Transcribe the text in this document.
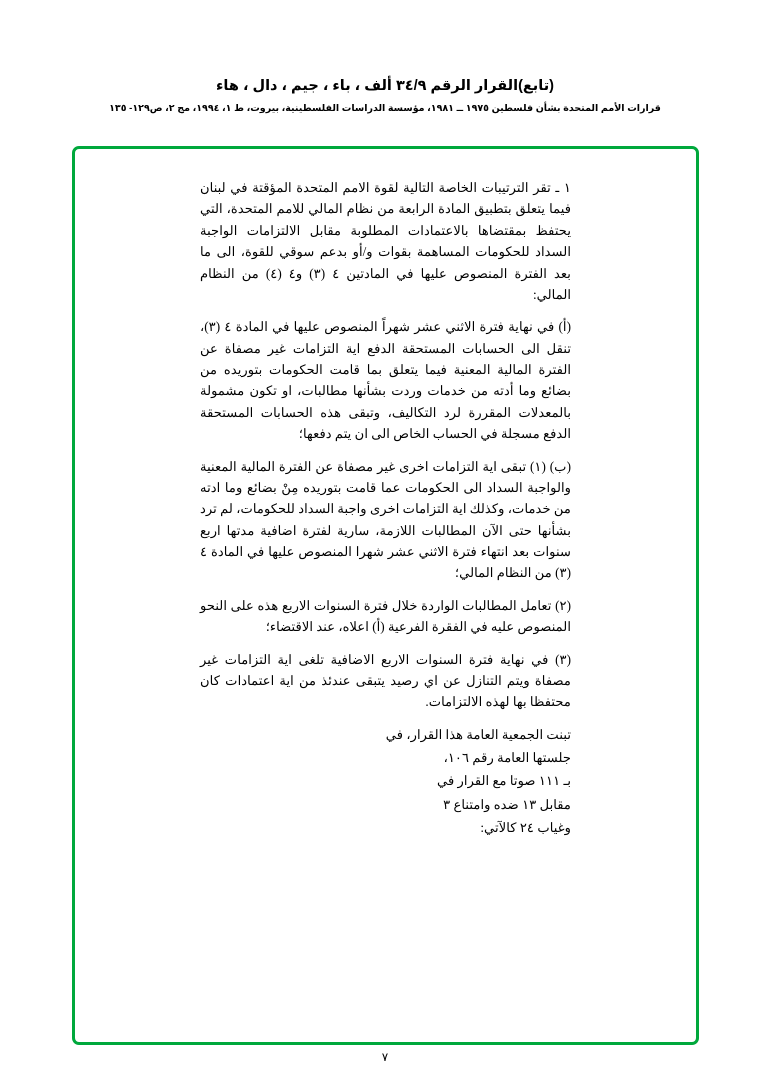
(تابع)القرار الرقم ٣٤/٩ ألف ، باء ، جيم ، دال ، هاء
قرارات الأمم المتحدة بشأن فلسطين ١٩٧٥ ــ ١٩٨١، مؤسسة الدراسات الفلسطينية، بيروت، ط ١، ١٩٩٤، مج ٢، ص١٢٩- ١٣٥

١ ـ تقر الترتيبات الخاصة التالية لقوة الامم المتحدة المؤقتة في لبنان فيما يتعلق بتطبيق المادة الرابعة من نظام المالي للامم المتحدة، التي يحتفظ بمقتضاها بالاعتمادات المطلوبة مقابل الالتزامات الواجبة السداد للحكومات المساهمة بقوات و/أو بدعم سوقي للقوة، الى ما بعد الفترة المنصوص عليها في المادتين ٤ (٣) و٤ (٤) من النظام المالي:

(أ) في نهاية فترة الاثني عشر شهراً المنصوص عليها في المادة ٤ (٣)، تنقل الى الحسابات المستحقة الدفع اية التزامات غير مصفاة عن الفترة المالية المعنية فيما يتعلق بما قامت الحكومات بتوريده من بضائع وما أدته من خدمات وردت بشأنها مطالبات، او تكون مشمولة بالمعدلات المقررة لرد التكاليف، وتبقى هذه الحسابات المستحقة الدفع مسجلة في الحساب الخاص الى ان يتم دفعها؛

(ب) (١) تبقى اية التزامات اخرى غير مصفاة عن الفترة المالية المعنية والواجبة السداد الى الحكومات عما قامت بتوريده مِنْ بضائع وما ادته من خدمات، وكذلك اية التزامات اخرى واجبة السداد للحكومات، لم ترد بشأنها حتى الآن المطالبات اللازمة، سارية لفترة اضافية مدتها اربع سنوات بعد انتهاء فترة الاثني عشر شهرا المنصوص عليها في المادة ٤ (٣) من النظام المالي؛

(٢) تعامل المطالبات الواردة خلال فترة السنوات الاربع هذه على النحو المنصوص عليه في الفقرة الفرعية (أ) اعلاه، عند الاقتضاء؛

(٣) في نهاية فترة السنوات الاربع الاضافية تلغى اية التزامات غير مصفاة ويتم التنازل عن اي رصيد يتبقى عندئذ من اية اعتمادات كان محتفظا بها لهذه الالتزامات.

تبنت الجمعية العامة هذا القرار، في

جلستها العامة رقم ١٠٦،

بـ ١١١ صوتا مع القرار في

مقابل ١٣ ضده وامتناع ٣

وغياب ٢٤ كالآتي:

٧
